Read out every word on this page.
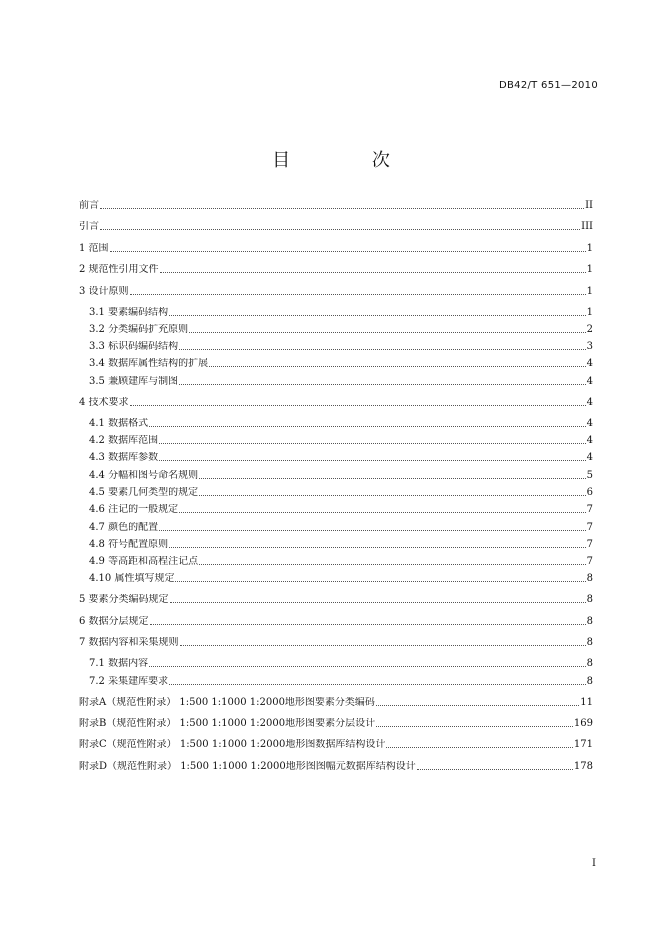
DB42/T 651—2010
目 次
前言	II
引言	III
1 范围	1
2 规范性引用文件	1
3 设计原则	1
3.1 要素编码结构	1
3.2 分类编码扩充原则	2
3.3 标识码编码结构	3
3.4 数据库属性结构的扩展	4
3.5 兼顾建库与制图	4
4 技术要求	4
4.1 数据格式	4
4.2 数据库范围	4
4.3 数据库参数	4
4.4 分幅和图号命名规则	5
4.5 要素几何类型的规定	6
4.6 注记的一般规定	7
4.7 颜色的配置	7
4.8 符号配置原则	7
4.9 等高距和高程注记点	7
4.10 属性填写规定	8
5 要素分类编码规定	8
6 数据分层规定	8
7 数据内容和采集规则	8
7.1 数据内容	8
7.2 采集建库要求	8
附录A（规范性附录） 1:500 1:1000 1:2000地形图要素分类编码	11
附录B（规范性附录） 1:500 1:1000 1:2000地形图要素分层设计	169
附录C（规范性附录） 1:500 1:1000 1:2000地形图数据库结构设计	171
附录D（规范性附录） 1:500 1:1000 1:2000地形图图幅元数据库结构设计	178
I
